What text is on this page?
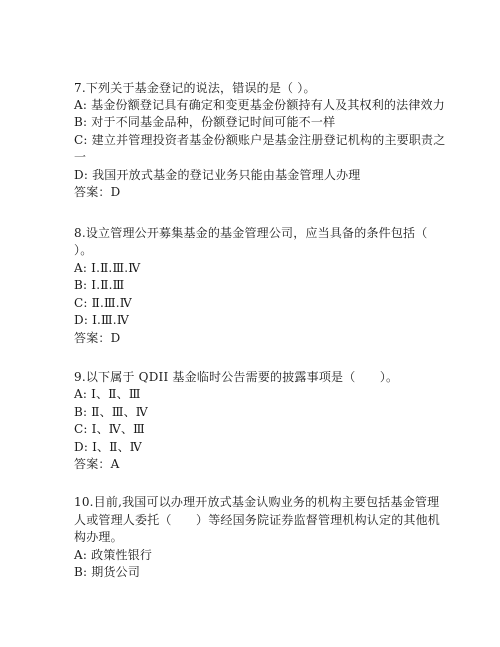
7.下列关于基金登记的说法，错误的是（ ）。
A: 基金份额登记具有确定和变更基金份额持有人及其权利的法律效力
B: 对于不同基金品种，份额登记时间可能不一样
C: 建立并管理投资者基金份额账户是基金注册登记机构的主要职责之
一
D: 我国开放式基金的登记业务只能由基金管理人办理
答案：D
8.设立管理公开募集基金的基金管理公司，应当具备的条件包括（
）。
A: Ⅰ.Ⅱ.Ⅲ.Ⅳ
B: Ⅰ.Ⅱ.Ⅲ
C: Ⅱ.Ⅲ.Ⅳ
D: Ⅰ.Ⅲ.Ⅳ
答案：D
9.以下属于 QDII 基金临时公告需要的披露事项是（　　）。
A: Ⅰ、Ⅱ、Ⅲ
B: Ⅱ、Ⅲ、Ⅳ
C: Ⅰ、Ⅳ、Ⅲ
D: Ⅰ、Ⅱ、Ⅳ
答案：A
10.目前,我国可以办理开放式基金认购业务的机构主要包括基金管理
人或管理人委托（　　）等经国务院证券监督管理机构认定的其他机
构办理。
A: 政策性银行
B: 期货公司
